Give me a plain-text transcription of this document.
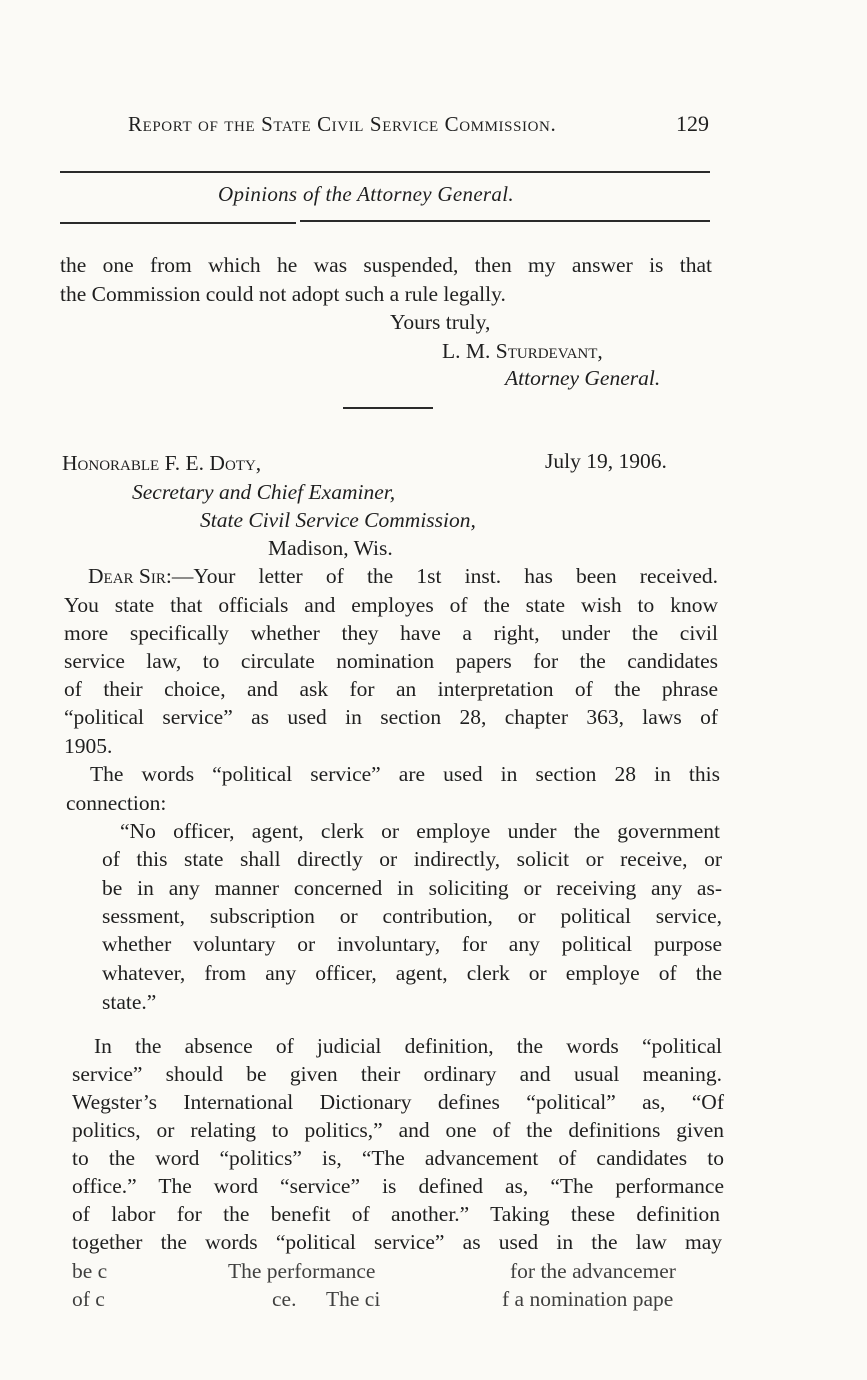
Report of the State Civil Service Commission.	129
Opinions of the Attorney General.
the one from which he was suspended, then my answer is that
the Commission could not adopt such a rule legally.
Yours truly,
L. M. Sturdevant,
Attorney General.
Honorable F. E. Doty,	July 19, 1906.
Secretary and Chief Examiner,
State Civil Service Commission,
Madison, Wis.
Dear Sir: —Your letter of the 1st inst. has been received.
You state that officials and employes of the state wish to know
more specifically whether they have a right, under the civil
service law, to circulate nomination papers for the candidates
of their choice, and ask for an interpretation of the phrase
“political service” as used in section 28, chapter 363, laws of
1905.
The words “political service” are used in section 28 in this
connection:
“No officer, agent, clerk or employe under the government
of this state shall directly or indirectly, solicit or receive, or
be in any manner concerned in soliciting or receiving any as-
sessment, subscription or contribution, or political service,
whether voluntary or involuntary, for any political purpose
whatever, from any officer, agent, clerk or employe of the
state.”
In the absence of judicial definition, the words “political
service” should be given their ordinary and usual meaning.
Wegster’s International Dictionary defines “political” as, “Of
politics, or relating to politics,” and one of the definitions given
to the word “politics” is, “The advancement of candidates to
office.” The word “service” is defined as, “The performance
of labor for the benefit of another.” Taking these definition
together the words “political service” as used in the law may
be c	The performance	for the advancemer
of c	ce. The ci	f a nomination pape
